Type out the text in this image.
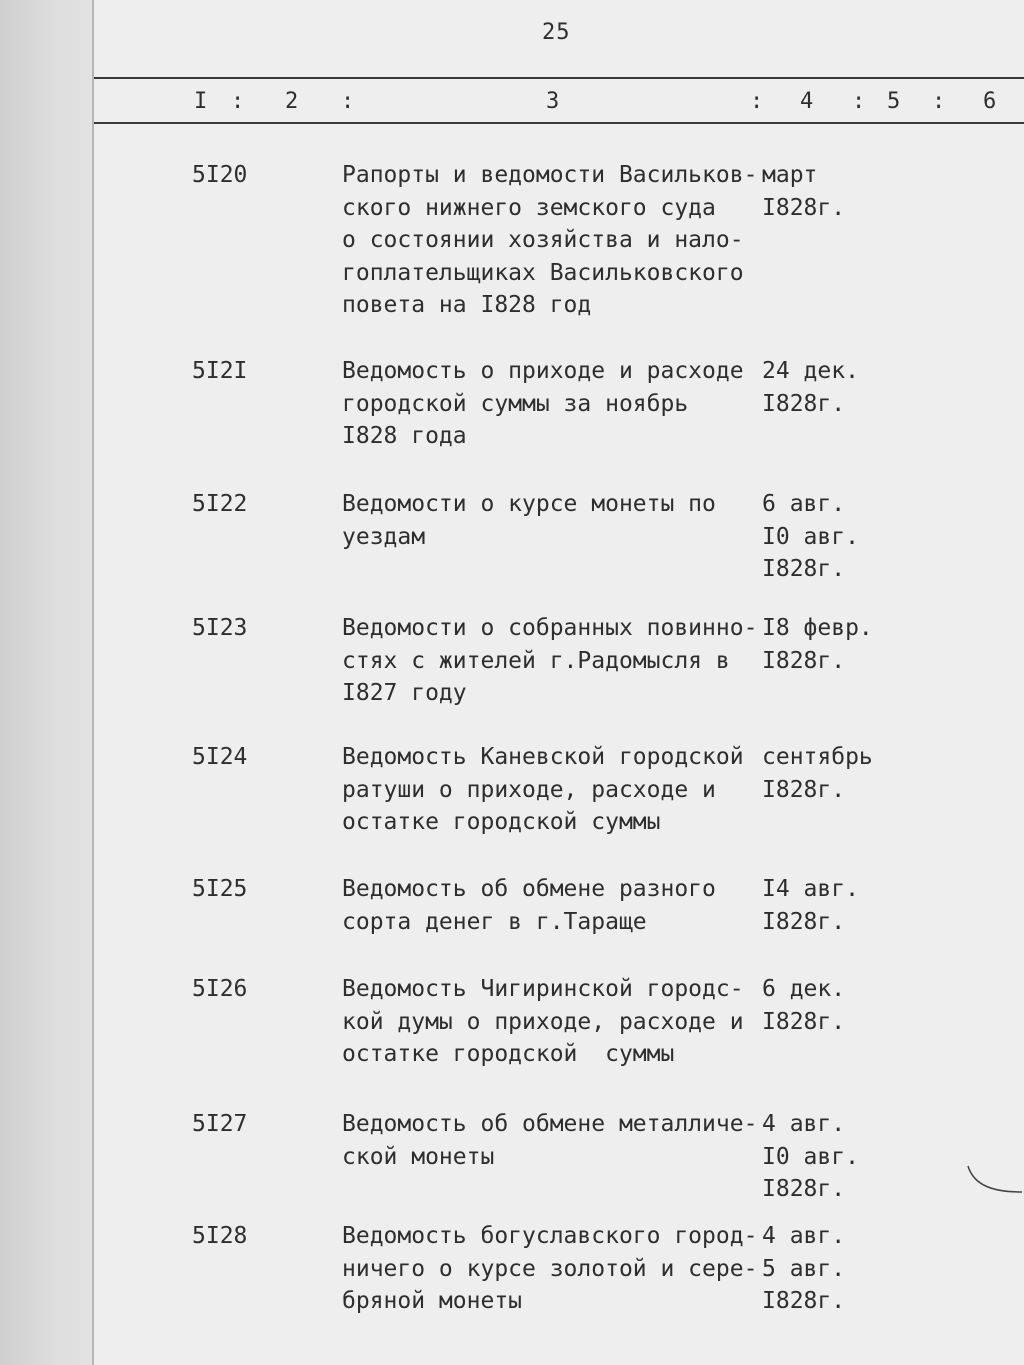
25
I : 2 :	3	: 4 : 5 : 6
5I20	Рапорты и ведомости Васильков-
ского нижнего земского суда
о состоянии хозяйства и нало-
гоплательщиках Васильковского
повета на I828 год
март
I828г.
5I2I	Ведомость о приходе и расходе
городской суммы за ноябрь
I828 года
24 дек.
I828г.
5I22	Ведомости о курсе монеты по
уездам
6 авг.
I0 авг.
I828г.
5I23	Ведомости о собранных повинно-
стях с жителей г.Радомысля в
I827 году
I8 февр.
I828г.
5I24	Ведомость Каневской городской
ратуши о приходе, расходе и
остатке городской суммы
сентябрь
I828г.
5I25	Ведомость об обмене разного
сорта денег в г.Тараще
I4 авг.
I828г.
5I26	Ведомость Чигиринской городс-
кой думы о приходе, расходе и
остатке городской  суммы
6 дек.
I828г.
5I27	Ведомость об обмене металличе-
ской монеты
4 авг.
I0 авг.
I828г.
5I28	Ведомость богуславского город-
ничего о курсе золотой и сере-
бряной монеты
4 авг.
5 авг.
I828г.
